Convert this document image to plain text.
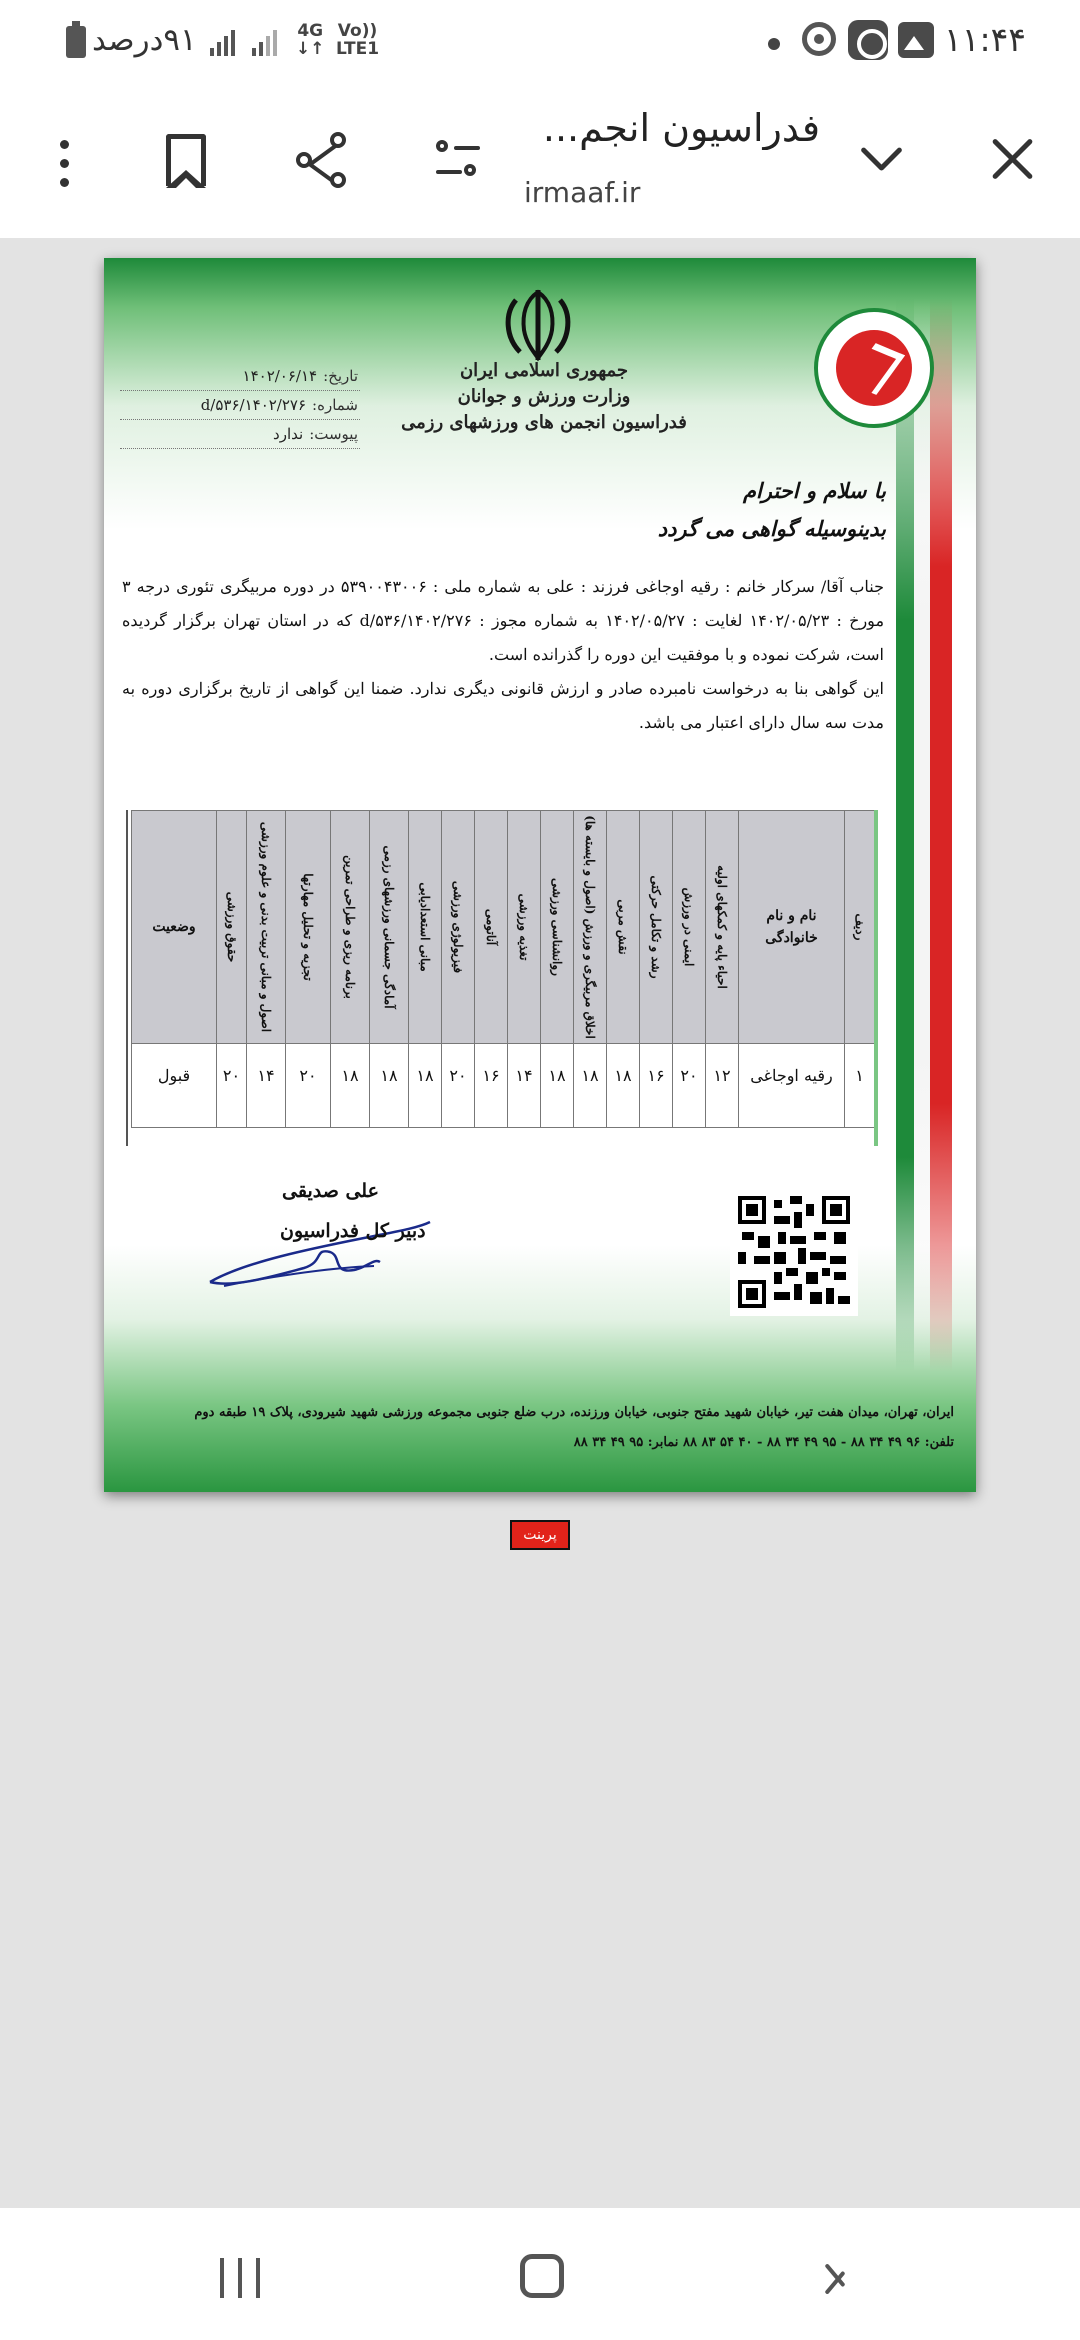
۹۱درصد	4G
↓↑
Vo))
LTE1	۱۱:۴۴
فدراسیون انجم...
irmaaf.ir
جمهوری اسلامی ایران
وزارت ورزش و جوانان
فدراسیون انجمن های ورزشهای رزمی
تاریخ:۱۴۰۲/۰۶/۱۴
شماره:۱۴۰۲/۲۷۶/d/۵۳۶
پیوست:ندارد
با سلام و احترام
بدینوسیله گواهی می گردد

جناب آقا/ سرکار خانم : رقیه اوجاغی فرزند : علی به شماره ملی : ۵۳۹۰۰۴۳۰۰۶ در دوره مربیگری تئوری درجه ۳ مورخ : ۱۴۰۲/۰۵/۲۳ لغایت : ۱۴۰۲/۰۵/۲۷ به شماره مجوز : ۱۴۰۲/۲۷۶/d/۵۳۶ که در استان تهران برگزار گردیده است، شرکت نموده و با موفقیت این دوره را گذرانده است.

این گواهی بنا به درخواست نامبرده صادر و ارزش قانونی دیگری ندارد. ضمنا این گواهی از تاریخ برگزاری دوره به مدت سه سال دارای اعتبار می باشد.

ردیف
۱
نام و نام خانوادگی
رقیه اوجاغی
احیاء پایه و کمکهای اولیه
۱۲
ایمنی در ورزش
۲۰
رشد و تکامل حرکتی
۱۶
نقش مربی
۱۸
اخلاق مربیگری و ورزش (اصول و بایسته ها)
۱۸
روانشناسی ورزشی
۱۸
تغذیه ورزشی
۱۴
آناتومی
۱۶
فیزیولوژی ورزشی
۲۰
مبانی استعدادیابی
۱۸
آمادگی جسمانی ورزشهای رزمی
۱۸
برنامه ریزی و طراحی تمرین
۱۸
تجزیه و تحلیل مهارتها
۲۰
اصول و مبانی تربیت بدنی و علوم ورزشی
۱۴
حقوق ورزشی
۲۰
وضعیت
قبول
علی صدیقی
دبیر کل فدراسیون
ایران، تهران، میدان هفت تیر، خیابان شهید مفتح جنوبی، خیابان ورزنده، درب ضلع جنوبی مجموعه ورزشی شهید شیرودی، پلاک ۱۹ طبقه دوم
تلفن: ۹۶ ۴۹ ۳۴ ۸۸ - ۹۵ ۴۹ ۳۴ ۸۸ - ۴۰ ۵۴ ۸۳ ۸۸ نمابر: ۹۵ ۴۹ ۳۴ ۸۸
پرینت
